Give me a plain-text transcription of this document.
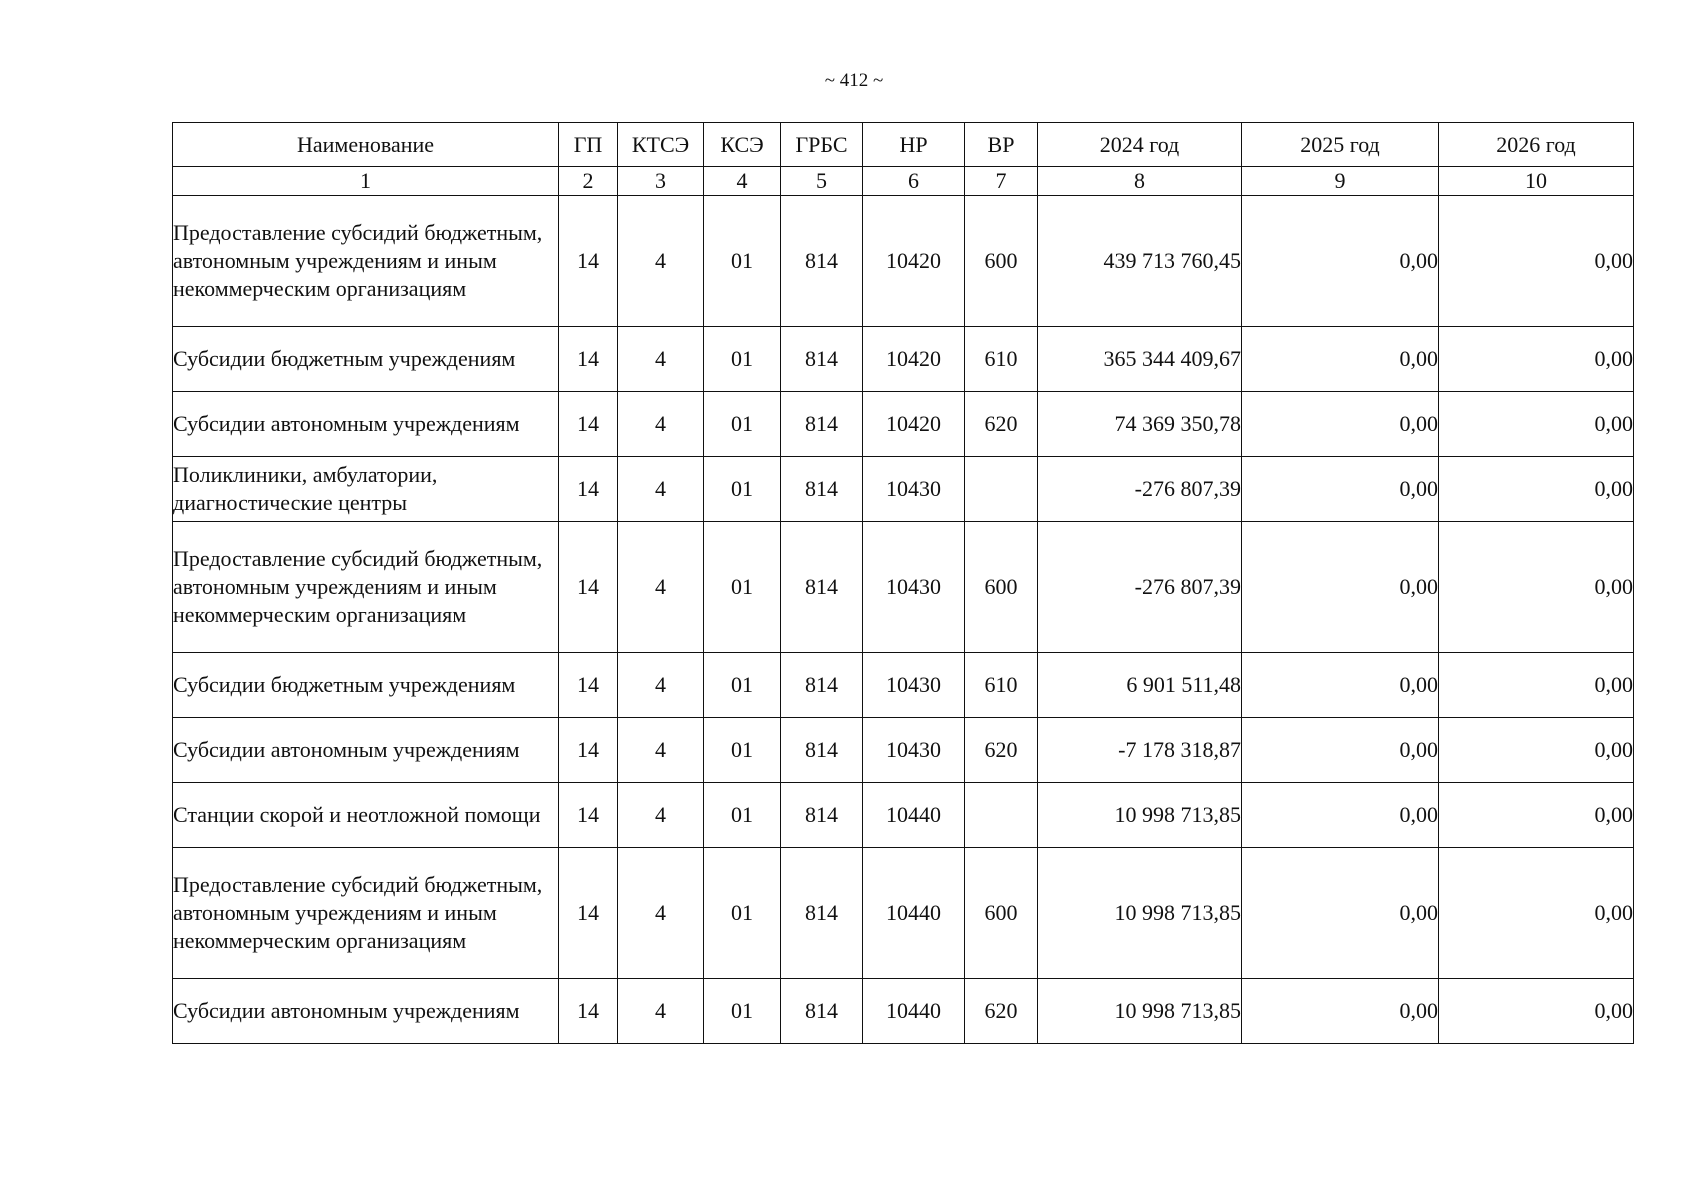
~ 412 ~
Наименование	ГП	КТСЭ	КСЭ	ГРБС	НР	ВР	2024 год	2025 год	2026 год
1	2	3	4	5	6	7	8	9	10
Предоставление субсидий бюджетным, автономным учреждениям и иным некоммерческим организациям	14	4	01	814	10420	600	439 713 760,45	0,00	0,00
Субсидии бюджетным учреждениям	14	4	01	814	10420	610	365 344 409,67	0,00	0,00
Субсидии автономным учреждениям	14	4	01	814	10420	620	74 369 350,78	0,00	0,00
Поликлиники, амбулатории, диагностические центры	14	4	01	814	10430		-276 807,39	0,00	0,00
Предоставление субсидий бюджетным, автономным учреждениям и иным некоммерческим организациям	14	4	01	814	10430	600	-276 807,39	0,00	0,00
Субсидии бюджетным учреждениям	14	4	01	814	10430	610	6 901 511,48	0,00	0,00
Субсидии автономным учреждениям	14	4	01	814	10430	620	-7 178 318,87	0,00	0,00
Станции скорой и неотложной помощи	14	4	01	814	10440		10 998 713,85	0,00	0,00
Предоставление субсидий бюджетным, автономным учреждениям и иным некоммерческим организациям	14	4	01	814	10440	600	10 998 713,85	0,00	0,00
Субсидии автономным учреждениям	14	4	01	814	10440	620	10 998 713,85	0,00	0,00
